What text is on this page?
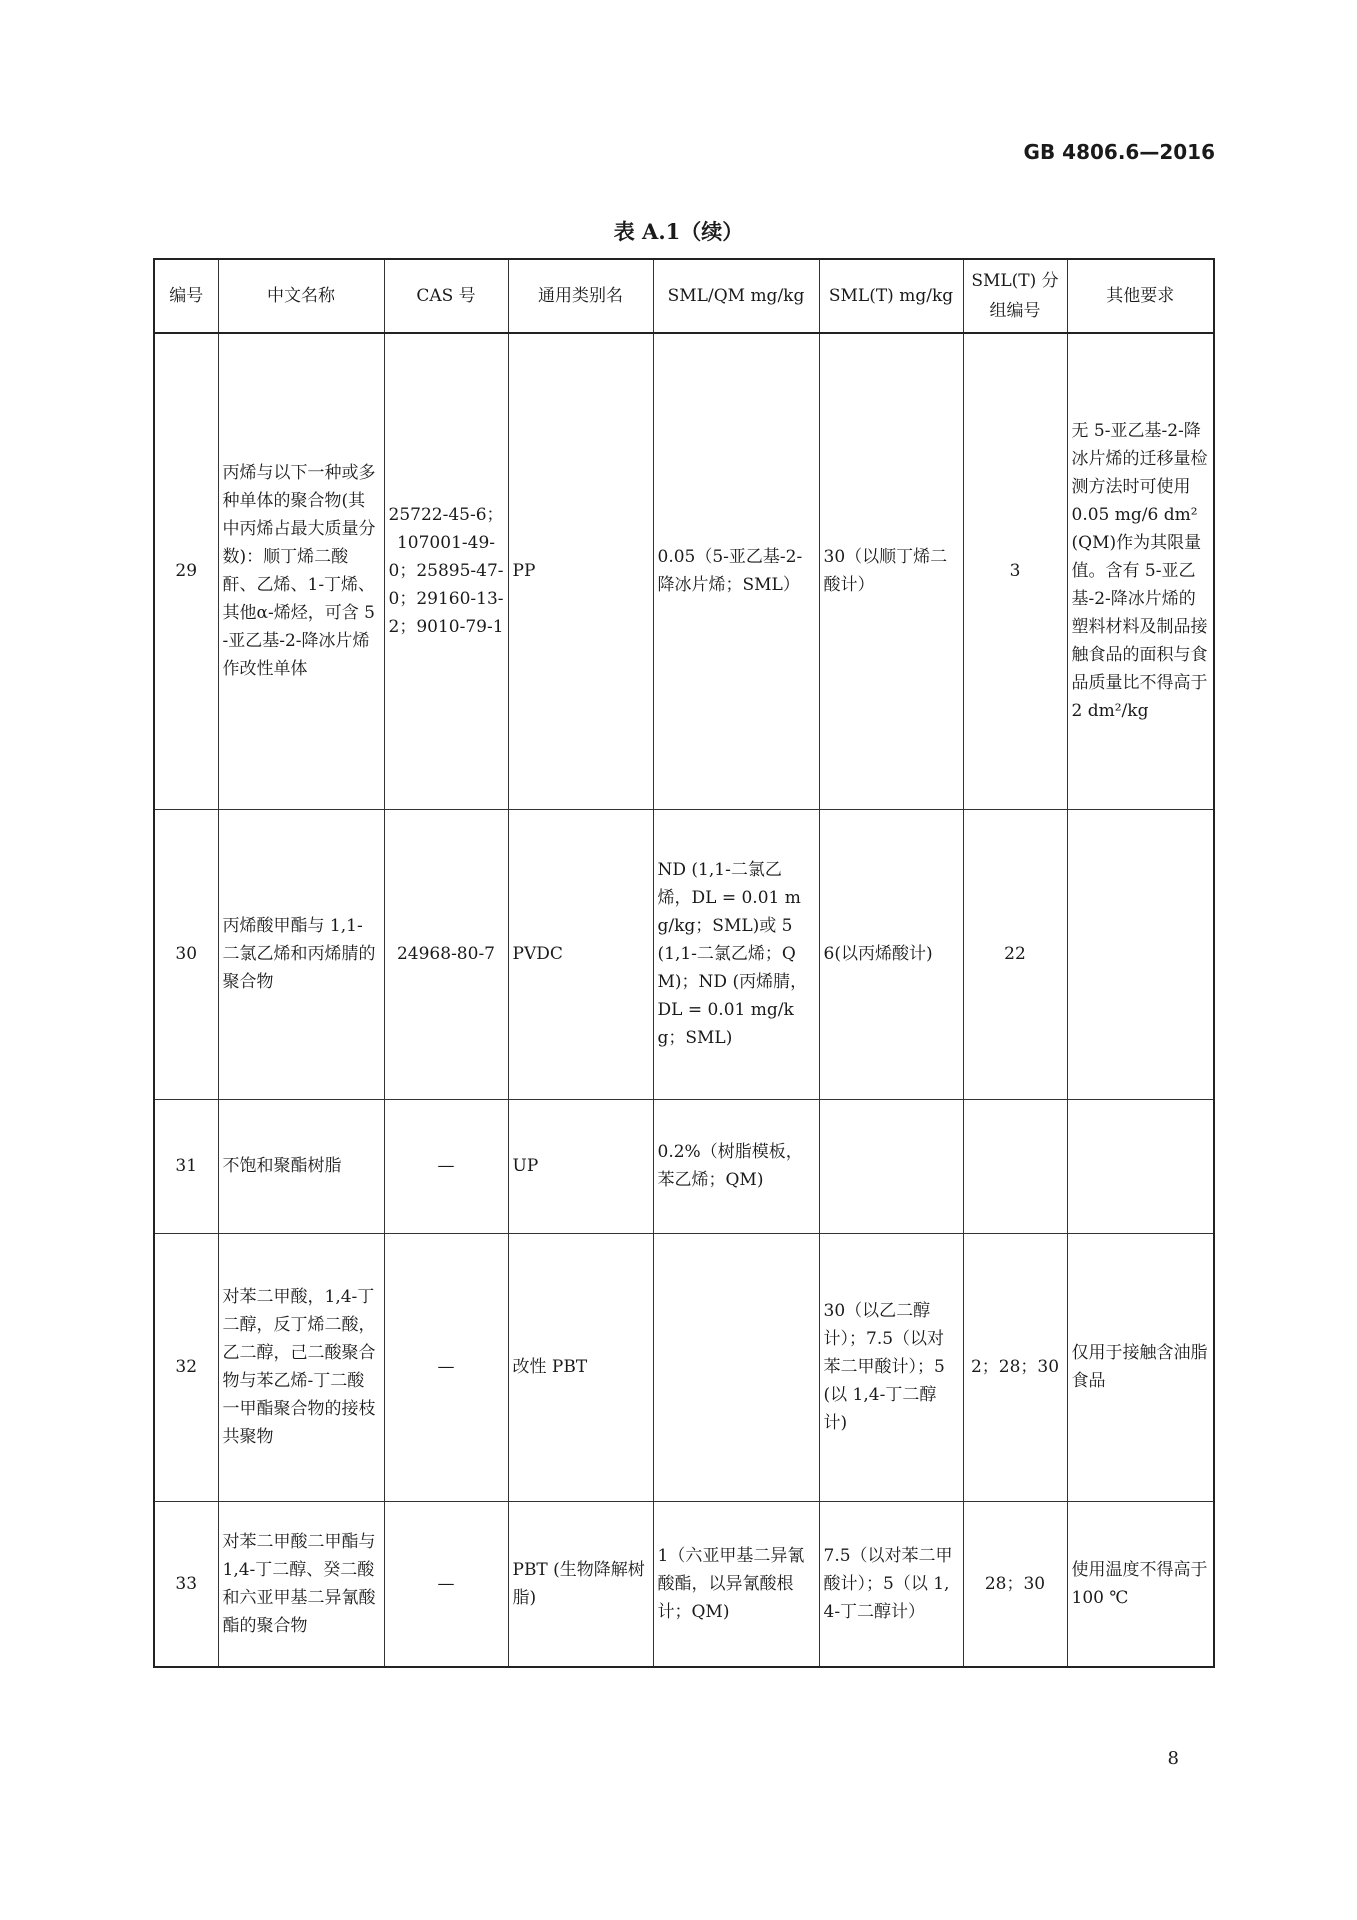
GB 4806.6—2016
表 A.1（续）
编号	中文名称	CAS 号	通用类别名	SML/QM mg/kg	SML(T) mg/kg	SML(T) 分组编号	其他要求
29	丙烯与以下一种或多种单体的聚合物(其中丙烯占最大质量分数)：顺丁烯二酸酐、乙烯、1-丁烯、其他α-烯烃，可含 5-亚乙基-2-降冰片烯作改性单体	25722-45-6；107001-49-0；25895-47-0；29160-13-2；9010-79-1	PP	0.05（5-亚乙基-2-降冰片烯；SML）	30（以顺丁烯二酸计）	3	无 5-亚乙基-2-降冰片烯的迁移量检测方法时可使用 0.05 mg/6 dm² (QM)作为其限量值。含有 5-亚乙基-2-降冰片烯的塑料材料及制品接触食品的面积与食品质量比不得高于 2 dm²/kg
30	丙烯酸甲酯与 1,1-二氯乙烯和丙烯腈的聚合物	24968-80-7	PVDC	ND (1,1-二氯乙烯，DL = 0.01 mg/kg；SML)或 5 (1,1-二氯乙烯；QM)；ND (丙烯腈，DL = 0.01 mg/kg；SML)	6(以丙烯酸计)	22	
31	不饱和聚酯树脂	—	UP	0.2%（树脂模板，苯乙烯；QM)			
32	对苯二甲酸，1,4-丁二醇，反丁烯二酸，乙二醇，己二酸聚合物与苯乙烯-丁二酸一甲酯聚合物的接枝共聚物	—	改性 PBT		30（以乙二醇计）；7.5（以对苯二甲酸计）；5(以 1,4-丁二醇计)	2；28；30	仅用于接触含油脂食品
33	对苯二甲酸二甲酯与 1,4-丁二醇、癸二酸和六亚甲基二异氰酸酯的聚合物	—	PBT (生物降解树脂)	1（六亚甲基二异氰酸酯，以异氰酸根计；QM)	7.5（以对苯二甲酸计）；5（以 1,4-丁二醇计）	28；30	使用温度不得高于 100 ℃
8
